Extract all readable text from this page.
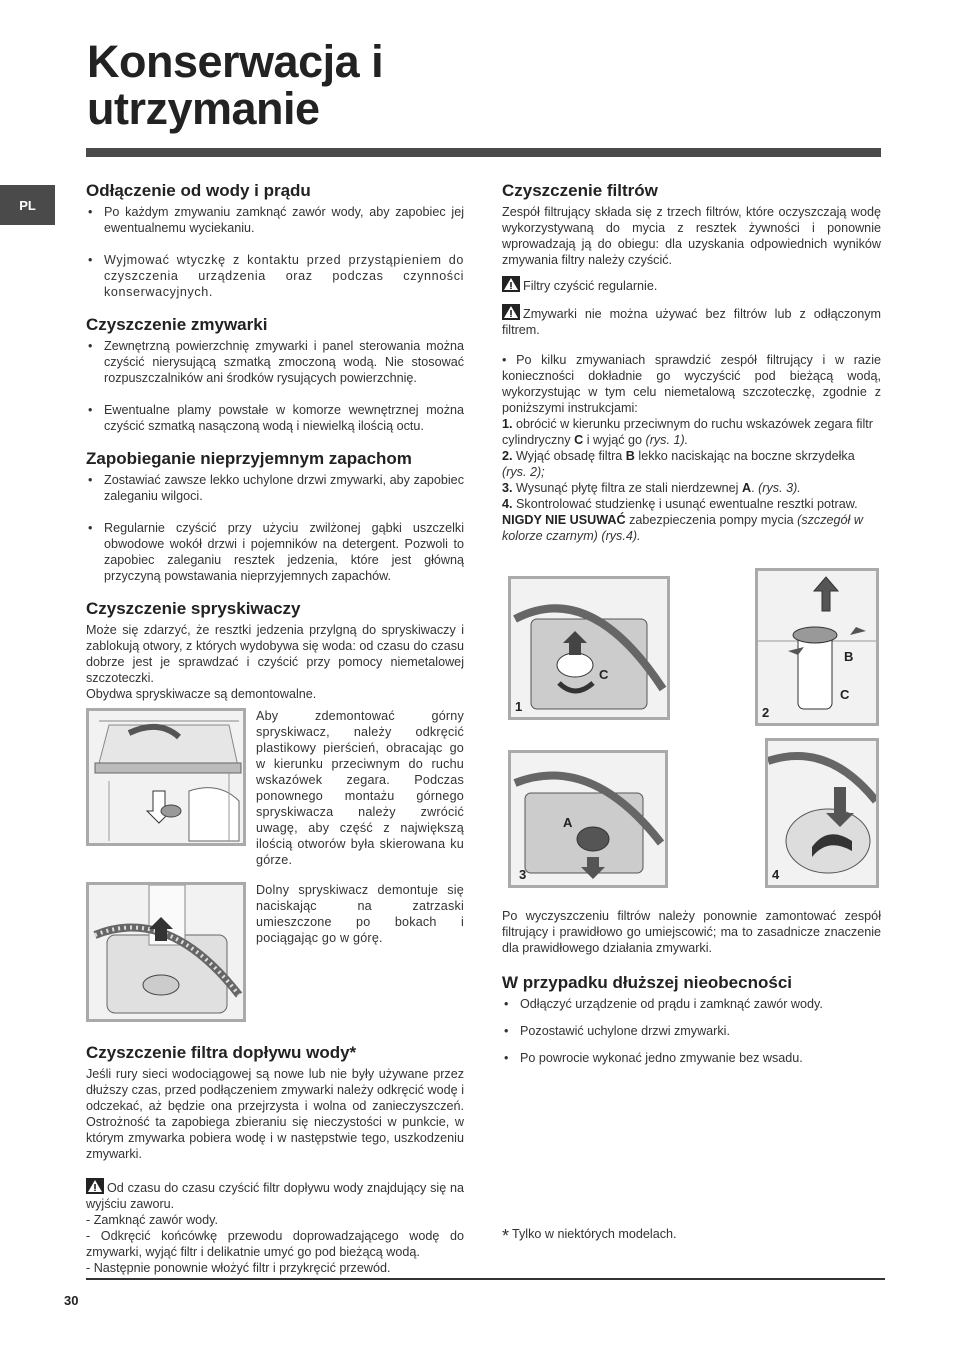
Konserwacja i
utrzymanie
PL
Odłączenie od wody i prądu
• Po każdym zmywaniu zamknąć zawór wody, aby zapobiec jej ewentualnemu wyciekaniu.
• Wyjmować wtyczkę z kontaktu przed przystąpieniem do czyszczenia urządzenia oraz podczas czynności konserwacyjnych.
Czyszczenie zmywarki
• Zewnętrzną powierzchnię zmywarki i panel sterowania można czyścić nierysującą szmatką zmoczoną wodą. Nie stosować rozpuszczalników ani środków rysujących powierzchnię.
• Ewentualne plamy powstałe w komorze wewnętrznej można czyścić szmatką nasączoną wodą i niewielką ilością octu.
Zapobieganie nieprzyjemnym zapachom
• Zostawiać zawsze lekko uchylone drzwi zmywarki, aby zapobiec zaleganiu wilgoci.
• Regularnie czyścić przy użyciu zwilżonej gąbki uszczelki obwodowe wokół drzwi i pojemników na detergent. Pozwoli to zapobiec zaleganiu resztek jedzenia, które jest główną przyczyną powstawania nieprzyjemnych zapachów.
Czyszczenie spryskiwaczy

Może się zdarzyć, że resztki jedzenia przylgną do spryskiwaczy i zablokują otwory, z których wydobywa się woda: od czasu do czasu dobrze jest je sprawdzać i czyścić przy pomocy niemetalowej szczoteczki.

Obydwa spryskiwacze są demontowalne.

Aby zdemontować górny spryskiwacz, należy odkręcić plastikowy pierścień, obracając go w kierunku przeciwnym do ruchu wskazówek zegara. Podczas ponownego montażu górnego spryskiwacza należy zwrócić uwagę, aby część z największą ilością otworów była skierowana ku górze.
Dolny spryskiwacz demontuje się naciskając na zatrzaski umieszczone po bokach i pociągając go w górę.
Czyszczenie filtra dopływu wody*

Jeśli rury sieci wodociągowej są nowe lub nie były używane przez dłuższy czas, przed podłączeniem zmywarki należy odkręcić wodę i odczekać, aż będzie ona przejrzysta i wolna od zanieczyszczeń. Ostrożność ta zapobiega zbieraniu się nieczystości w punkcie, w którym zmywarka pobiera wodę i w następstwie tego, uszkodzeniu zmywarki.

Od czasu do czasu czyścić filtr dopływu wody znajdujący się na wyjściu zaworu.

- Zamknąć zawór wody.

- Odkręcić końcówkę przewodu doprowadzającego wodę do zmywarki, wyjąć filtr i delikatnie umyć go pod bieżącą wodą.

- Następnie ponownie włożyć filtr i przykręcić przewód.

Czyszczenie filtrów

Zespół filtrujący składa się z trzech filtrów, które oczyszczają wodę wykorzystywaną do mycia z resztek żywności i ponownie wprowadzają ją do obiegu: dla uzyskania odpowiednich wyników zmywania filtry należy czyścić.

Filtry czyścić regularnie.

Zmywarki nie można używać bez filtrów lub z odłączonym filtrem.

• Po kilku zmywaniach sprawdzić zespół filtrujący i w razie konieczności dokładnie go wyczyścić pod bieżącą wodą, wykorzystując w tym celu niemetalową szczoteczkę, zgodnie z poniższymi instrukcjami:

1. obrócić w kierunku przeciwnym do ruchu wskazówek zegara filtr cylindryczny C i wyjąć go (rys. 1).

2. Wyjąć obsadę filtra B lekko naciskając na boczne skrzydełka (rys. 2);

3. Wysunąć płytę filtra ze stali nierdzewnej A. (rys. 3).

4. Skontrolować studzienkę i usunąć ewentualne resztki potraw.
NIGDY NIE USUWAĆ zabezpieczenia pompy mycia (szczegół w kolorze czarnym) (rys.4).

1
C
2
B
C
3
A
4

Po wyczyszczeniu filtrów należy ponownie zamontować zespół filtrujący i prawidłowo go umiejscowić; ma to zasadnicze znaczenie dla prawidłowego działania zmywarki.

W przypadku dłuższej nieobecności
• Odłączyć urządzenie od prądu i zamknąć zawór wody.
• Pozostawić uchylone drzwi zmywarki.
• Po powrocie wykonać jedno zmywanie bez wsadu.
* Tylko w niektórych modelach.
30
